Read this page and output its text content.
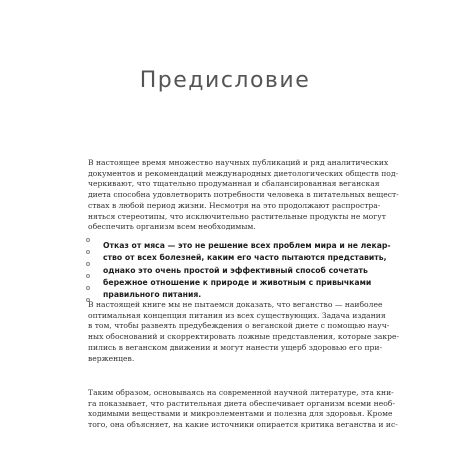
Предисловие

В настоящее время множество научных публикаций и ряд аналитических
документов и рекомендаций международных диетологических обществ под-
черкивают, что тщательно продуманная и сбалансированная веганская
диета способна удовлетворить потребности человека в питательных вещест-
ствах в любой период жизни. Несмотря на это продолжают распростра-
няться стереотипы, что исключительно растительные продукты не могут
обеспечить организм всем необходимым.

Отказ от мяса — это не решение всех проблем мира и не лекар-
ство от всех болезней, каким его часто пытаются представить,
однако это очень простой и эффективный способ сочетать
бережное отношение к природе и животным с привычками
правильного питания.

В настоящей книге мы не пытаемся доказать, что веганство — наиболее
оптимальная концепция питания из всех существующих. Задача издания
в том, чтобы развеять предубеждения о веганской диете с помощью науч-
ных обоснований и скорректировать ложные представления, которые закре-
пились в веганском движении и могут нанести ущерб здоровью его при-
верженцев.

Таким образом, основываясь на современной научной литературе, эта кни-
га показывает, что растительная диета обеспечивает организм всеми необ-
ходимыми веществами и микроэлементами и полезна для здоровья. Кроме
того, она объясняет, на какие источники опирается критика веганства и ис-
